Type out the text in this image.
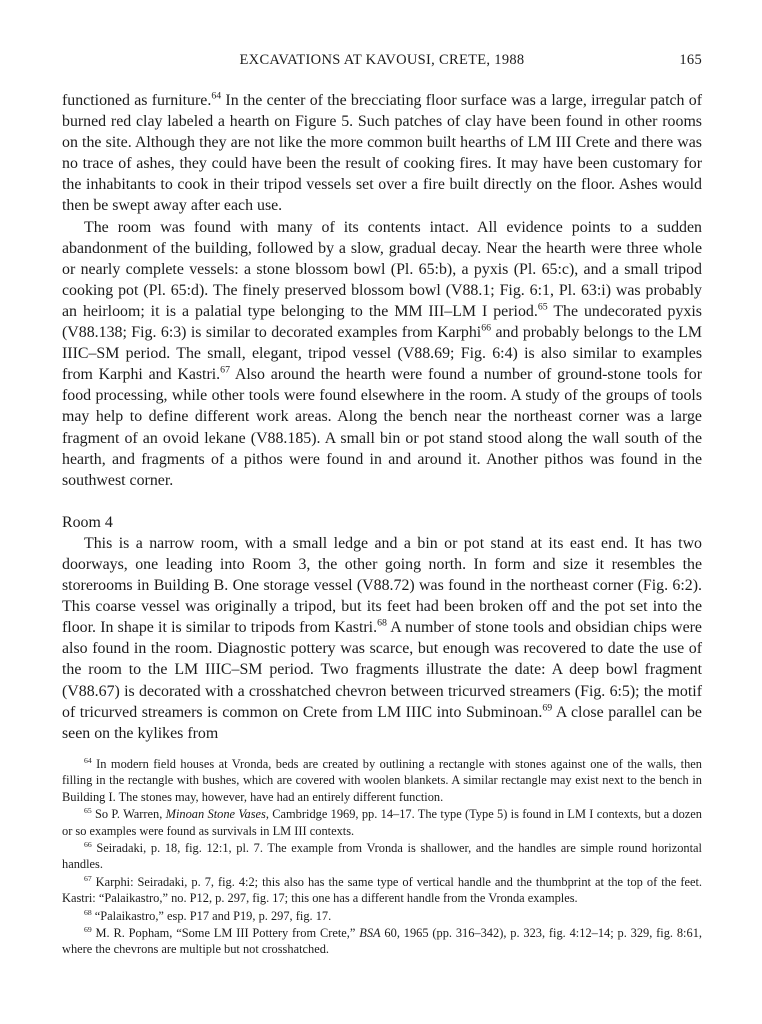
EXCAVATIONS AT KAVOUSI, CRETE, 1988	165

functioned as furniture.$^{64}$ In the center of the brecciating floor surface was a large, irregular patch of burned red clay labeled a hearth on Figure 5. Such patches of clay have been found in other rooms on the site. Although they are not like the more common built hearths of LM III Crete and there was no trace of ashes, they could have been the result of cooking fires. It may have been customary for the inhabitants to cook in their tripod vessels set over a fire built directly on the floor. Ashes would then be swept away after each use.

The room was found with many of its contents intact. All evidence points to a sudden abandonment of the building, followed by a slow, gradual decay. Near the hearth were three whole or nearly complete vessels: a stone blossom bowl (Pl. 65:b), a pyxis (Pl. 65:c), and a small tripod cooking pot (Pl. 65:d). The finely preserved blossom bowl (V88.1; Fig. 6:1, Pl. 63:i) was probably an heirloom; it is a palatial type belonging to the MM III–LM I period.$^{65}$ The undecorated pyxis (V88.138; Fig. 6:3) is similar to decorated examples from Karphi$^{66}$ and probably belongs to the LM IIIC–SM period. The small, elegant, tripod vessel (V88.69; Fig. 6:4) is also similar to examples from Karphi and Kastri.$^{67}$ Also around the hearth were found a number of ground-stone tools for food processing, while other tools were found elsewhere in the room. A study of the groups of tools may help to define different work areas. Along the bench near the northeast corner was a large fragment of an ovoid lekane (V88.185). A small bin or pot stand stood along the wall south of the hearth, and fragments of a pithos were found in and around it. Another pithos was found in the southwest corner.

Room 4

This is a narrow room, with a small ledge and a bin or pot stand at its east end. It has two doorways, one leading into Room 3, the other going north. In form and size it resembles the storerooms in Building B. One storage vessel (V88.72) was found in the northeast corner (Fig. 6:2). This coarse vessel was originally a tripod, but its feet had been broken off and the pot set into the floor. In shape it is similar to tripods from Kastri.$^{68}$ A number of stone tools and obsidian chips were also found in the room. Diagnostic pottery was scarce, but enough was recovered to date the use of the room to the LM IIIC–SM period. Two fragments illustrate the date: A deep bowl fragment (V88.67) is decorated with a crosshatched chevron between tricurved streamers (Fig. 6:5); the motif of tricurved streamers is common on Crete from LM IIIC into Subminoan.$^{69}$ A close parallel can be seen on the kylikes from

$^{64}$ In modern field houses at Vronda, beds are created by outlining a rectangle with stones against one of the walls, then filling in the rectangle with bushes, which are covered with woolen blankets. A similar rectangle may exist next to the bench in Building I. The stones may, however, have had an entirely different function.

$^{65}$ So P. Warren, Minoan Stone Vases, Cambridge 1969, pp. 14–17. The type (Type 5) is found in LM I contexts, but a dozen or so examples were found as survivals in LM III contexts.

$^{66}$ Seiradaki, p. 18, fig. 12:1, pl. 7. The example from Vronda is shallower, and the handles are simple round horizontal handles.

$^{67}$ Karphi: Seiradaki, p. 7, fig. 4:2; this also has the same type of vertical handle and the thumbprint at the top of the feet. Kastri: “Palaikastro,” no. P12, p. 297, fig. 17; this one has a different handle from the Vronda examples.

$^{68}$ “Palaikastro,” esp. P17 and P19, p. 297, fig. 17.

$^{69}$ M. R. Popham, “Some LM III Pottery from Crete,” BSA 60, 1965 (pp. 316–342), p. 323, fig. 4:12–14; p. 329, fig. 8:61, where the chevrons are multiple but not crosshatched.
